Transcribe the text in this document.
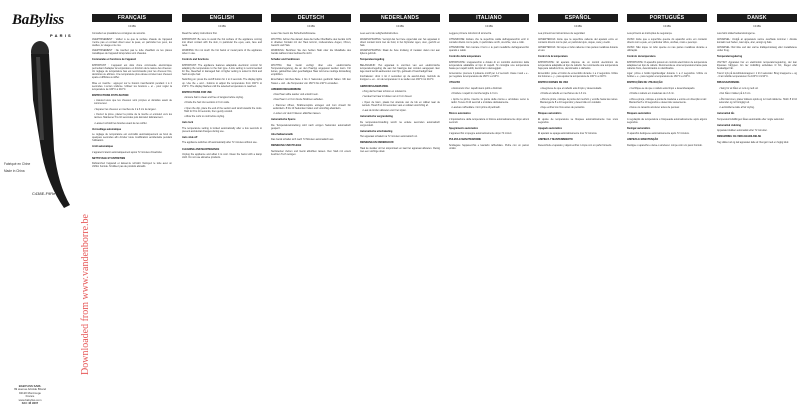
BaByliss
PARIS
Fabriqué en Chine
Made in China
C438E-F9Re
BABYLISS SARL
99 avenue Aristide Briand
92120 Montrouge
France
www.babyliss.com
FAC 46 9007
FRANÇAIS
C438E

Consultez au préalable les consignes de sécurité.

AVERTISSEMENT : Veillez à ce que la surface chaude de l'appareil n'entre pas en contact direct avec la peau, en particulier les yeux, les oreilles, le visage et le cou.

AVERTISSEMENT : Ne touchez pas le tube chauffant ou les pièces métalliques de l'appareil lorsqu'elles sont chaudes.

Commandes et fonctions de l'appareil

IMPORTANT : L'appareil est doté d'une commande électronique permettant d'adapter la température en fonction de la nature des cheveux. Un réglage de température bas est recommandé pour les cheveux fins, décolorés ou abîmés. Une température plus élevée convient aux cheveux épais et difficiles à coiffer.

Mise en marche : appuyez sur le bouton marche/arrêt pendant 1 à 2 secondes. L'écran s'allume. Utilisez les boutons + et - pour régler la température de 160°C à 210°C.

INSTRUCTIONS D'UTILISATION

• Assurez-vous que les cheveux sont propres et démêlés avant de commencer.

• Séparez les cheveux en mèches de 2 à 3 cm de largeur.

• Ouvrez la pince, placez la pointe de la mèche et enroulez vers les racines. Maintenez 8 à 10 secondes puis déroulez délicatement.

• Laissez refroidir les boucles avant de les coiffer.

Verrouillage automatique

Le réglage de température est verrouillé automatiquement au bout de quelques secondes afin d'éviter toute modification accidentelle pendant l'utilisation.

Arrêt automatique

L'appareil s'éteint automatiquement après 72 minutes d'inactivité.

NETTOYAGE ET ENTRETIEN

Débranchez l'appareil et laissez-le refroidir. Nettoyez le tube avec un chiffon humide. N'utilisez pas de produits abrasifs.

ENGLISH
C438E

Read the safety instructions first.

IMPORTANT: Be sure to avoid the hot surface of the appliance coming into direct contact with the skin, in particular the eyes, ears, face and neck.

WARNING: Do not touch the hot barrel or metal parts of the appliance when in use.

Controls and functions

IMPORTANT: The appliance features adaptable electronic control for adapting the temperature to the hair type. A low setting is recommended for fine, bleached or damaged hair. A higher setting is suited to thick and hard-to-style hair.

Switching on: press the on/off button for 1 to 2 seconds. The display lights up. Use the + and - buttons to adjust the temperature from 160°C to 210°C. The display flashes until the selected temperature is reached.

INSTRUCTIONS FOR USE

• Ensure hair is clean and free of tangles before styling.

• Divide the hair into sections 2-3 cm wide.

• Open the clip, place the end of the section and wind towards the roots. Hold for 8 to 10 seconds, then gently unwind.

• Allow the curls to cool before styling.

Auto lock

The temperature setting is locked automatically after a few seconds to prevent accidental changes during use.

Auto shut-off

The appliance switches off automatically after 72 minutes without use.

CLEANING AND MAINTENANCE

Unplug the appliance and allow it to cool. Clean the barrel with a damp cloth. Do not use abrasive products.

DEUTSCH
C438E

Lesen Sie zuerst die Sicherheitshinweise.

WICHTIG: Achten Sie darauf, dass die heiße Oberfläche des Geräts nicht in direkten Kontakt mit der Haut kommt, insbesondere Augen, Ohren, Gesicht und Hals.

WARNUNG: Berühren Sie den heißen Stab oder die Metallteile des Geräts während des Gebrauchs nicht.

Schalter und Funktionen

WICHTIG: Das Gerät verfügt über eine elektronische Temperaturregelung, die an den Haartyp angepasst werden kann. Für feines, gebleichtes oder geschädigtes Haar wird eine niedrige Einstellung empfohlen.

Einschalten: Ein/Aus-Taste 1 bis 2 Sekunden gedrückt halten. Mit den Tasten + und - die Temperatur von 160°C bis 210°C einstellen.

ANWENDUNGSHINWEISE

• Das Haar sollte sauber und entwirrt sein.

• Das Haar in 2-3 cm breite Strähnen aufteilen.

• Klammer öffnen, Strähnenspitze einlegen und zum Ansatz hin aufwickeln. 8 bis 10 Sekunden halten und vorsichtig abwickeln.

• Locken vor dem Frisieren abkühlen lassen.

Automatische Sperre

Die Temperatureinstellung wird nach einigen Sekunden automatisch gesperrt.

Abschaltautomatik

Das Gerät schaltet sich nach 72 Minuten automatisch aus.

REINIGUNG UND PFLEGE

Netzstecker ziehen und Gerät abkühlen lassen. Den Stab mit einem feuchten Tuch reinigen.

NEDERLANDS
C438E

Lees eerst de veiligheidsinstructies.

WAARSCHUWING: Vermijd dat het hete oppervlak van het apparaat in direct contact komt met de huid, in het bijzonder ogen, oren, gezicht en hals.

WAARSCHUWING: Raak de hete krultang of metalen delen niet aan tijdens gebruik.

Temperatuurregeling

BELANGRIJK: Het apparaat is voorzien van een elektronische temperatuurregeling die aan het haartype kan worden aangepast. Een lage stand wordt aanbevolen voor fijn, gebleekt of beschadigd haar.

Inschakelen: druk 1 tot 2 seconden op de aan/uit-knop. Gebruik de knoppen + en - om de temperatuur in te stellen van 160°C tot 210°C.

GEBRUIKSAANWIJZING

• Zorg dat het haar schoon en ontward is.

• Verdeel het haar in lokken van 2-3 cm breed.

• Open de klem, plaats het uiteinde van de lok en wikkel naar de wortels. Houd 8 tot 10 seconden vast en wikkel voorzichtig af.

• Laat de krullen afkoelen voor het stylen.

Automatische vergrendeling

De temperatuurinstelling wordt na enkele seconden automatisch vergrendeld.

Automatische uitschakeling

Het apparaat schakelt na 72 minuten automatisch uit.

REINIGING EN ONDERHOUD

Haal de stekker uit het stopcontact en laat het apparaat afkoelen. Reinig met een vochtige doek.

ITALIANO
C438E

Leggere prima le istruzioni di sicurezza.

ATTENZIONE: Evitare che la superficie calda dell'apparecchio entri in contatto diretto con la pelle, in particolare occhi, orecchie, viso e collo.

ATTENZIONE: Non toccare il ferro o le parti metalliche dell'apparecchio quando è caldo.

Controllo della temperatura

IMPORTANTE: L'apparecchio è dotato di un controllo elettronico della temperatura adattabile al tipo di capelli. Si consiglia una temperatura bassa per capelli sottili, decolorati o danneggiati.

Accensione: premere il pulsante on/off per 1-2 secondi. Usare i tasti + e - per regolare la temperatura da 160°C a 210°C.

UTILIZZO

• Assicurarsi che i capelli siano puliti e districati.

• Dividere i capelli in ciocche larghe 2-3 cm.

• Aprire la pinza, inserire la punta della ciocca e arrotolare verso le radici. Tenere 8-10 secondi e srotolare delicatamente.

• Lasciare raffreddare i ricci prima di pettinarli.

Blocco automatico

L'impostazione della temperatura si blocca automaticamente dopo alcuni secondi.

Spegnimento automatico

L'apparecchio si spegne automaticamente dopo 72 minuti.

PULIZIA E MANUTENZIONE

Scollegare l'apparecchio e lasciarlo raffreddare. Pulire con un panno umido.

ESPAÑOL
C438E

Lea primero las instrucciones de seguridad.

ADVERTENCIA: Evite que la superficie caliente del aparato entre en contacto directo con la piel, en particular ojos, orejas, cara y cuello.

ADVERTENCIA: No toque el tubo caliente ni las partes metálicas durante el uso.

Control de la temperatura

IMPORTANTE: El aparato dispone de un control electrónico de temperatura adaptable al tipo de cabello. Se recomienda una temperatura baja para cabellos finos, decolorados o dañados.

Encendido: pulse el botón de encendido durante 1 a 2 segundos. Utilice los botones + y - para ajustar la temperatura de 160°C a 210°C.

INSTRUCCIONES DE USO

• Asegúrese de que el cabello esté limpio y desenredado.

• Divida el cabello en mechones de 2-3 cm.

• Abra la pinza, coloque la punta del mechón y enrolle hacia las raíces. Mantenga de 8 a 10 segundos y desenrolle con cuidado.

• Deje enfriar los rizos antes de peinarlos.

Bloqueo automático

El ajuste de temperatura se bloquea automáticamente tras unos segundos.

Apagado automático

El aparato se apaga automáticamente tras 72 minutos.

LIMPIEZA Y MANTENIMIENTO

Desenchufe el aparato y déjelo enfriar. Limpie con un paño húmedo.

PORTUGUÊS
C438E

Leia primeiro as instruções de segurança.

AVISO: Evite que a superfície quente do aparelho entre em contacto directo com a pele, em particular olhos, orelhas, rosto e pescoço.

AVISO: Não toque no tubo quente ou nas partes metálicas durante a utilização.

Controlo da temperatura

IMPORTANTE: O aparelho possui um controlo electrónico de temperatura adaptável ao tipo de cabelo. Recomenda-se uma temperatura baixa para cabelos finos, descolorados ou danificados.

Ligar: prima o botão ligar/desligar durante 1 a 2 segundos. Utilize os botões + e - para regular a temperatura de 160°C a 210°C.

INSTRUÇÕES DE UTILIZAÇÃO

• Certifique-se de que o cabelo está limpo e desembaraçado.

• Divida o cabelo em madeixas de 2-3 cm.

• Abra a pinça, coloque a ponta da madeixa e enrole em direcção à raiz. Mantenha 8 a 10 segundos e desenrole suavemente.

• Deixe os caracóis arrefecer antes de pentear.

Bloqueio automático

A regulação da temperatura é bloqueada automaticamente após alguns segundos.

Desligar automático

O aparelho desliga-se automaticamente após 72 minutos.

LIMPEZA E MANUTENÇÃO

Desligue o aparelho e deixe-o arrefecer. Limpe com um pano húmido.

DANSK
C438E

Læs først sikkerhedsanvisningerne.

ADVARSEL: Undgå at apparatets varme overflade kommer i direkte kontakt med huden, især øjne, ører, ansigt og hals.

ADVARSEL: Rør ikke ved den varme krøllejernsstang eller metaldelene under brug.

Temperaturregulering

VIGTIGT: Apparatet har en elektronisk temperaturregulering, der kan tilpasses hårtypen. En lav indstilling anbefales til fint, bleget eller beskadiget hår.

Tænd: tryk på tænd/sluk-knappen i 1 til 2 sekunder. Brug knapperne + og - til at indstille temperaturen fra 160°C til 210°C.

BRUGSANVISNING

• Sørg for at håret er rent og redt ud.

• Del håret i lokker på 2-3 cm.

• Åbn klemmen, placer lokkens spids og rul mod rødderne. Hold i 8 til 10 sekunder og rul forsigtigt ud.

• Lad krøllerne køle af før styling.

Automatisk lås

Temperaturindstillingen låses automatisk efter nogle sekunder.

Automatisk slukning

Apparatet slukker automatisk efter 72 minutter.

RENGØRING OG VEDLIGEHOLDELSE

Tag stikket ud og lad apparatet køle af. Rengør med en fugtig klud.

Downloaded from www.vandenborre.be
